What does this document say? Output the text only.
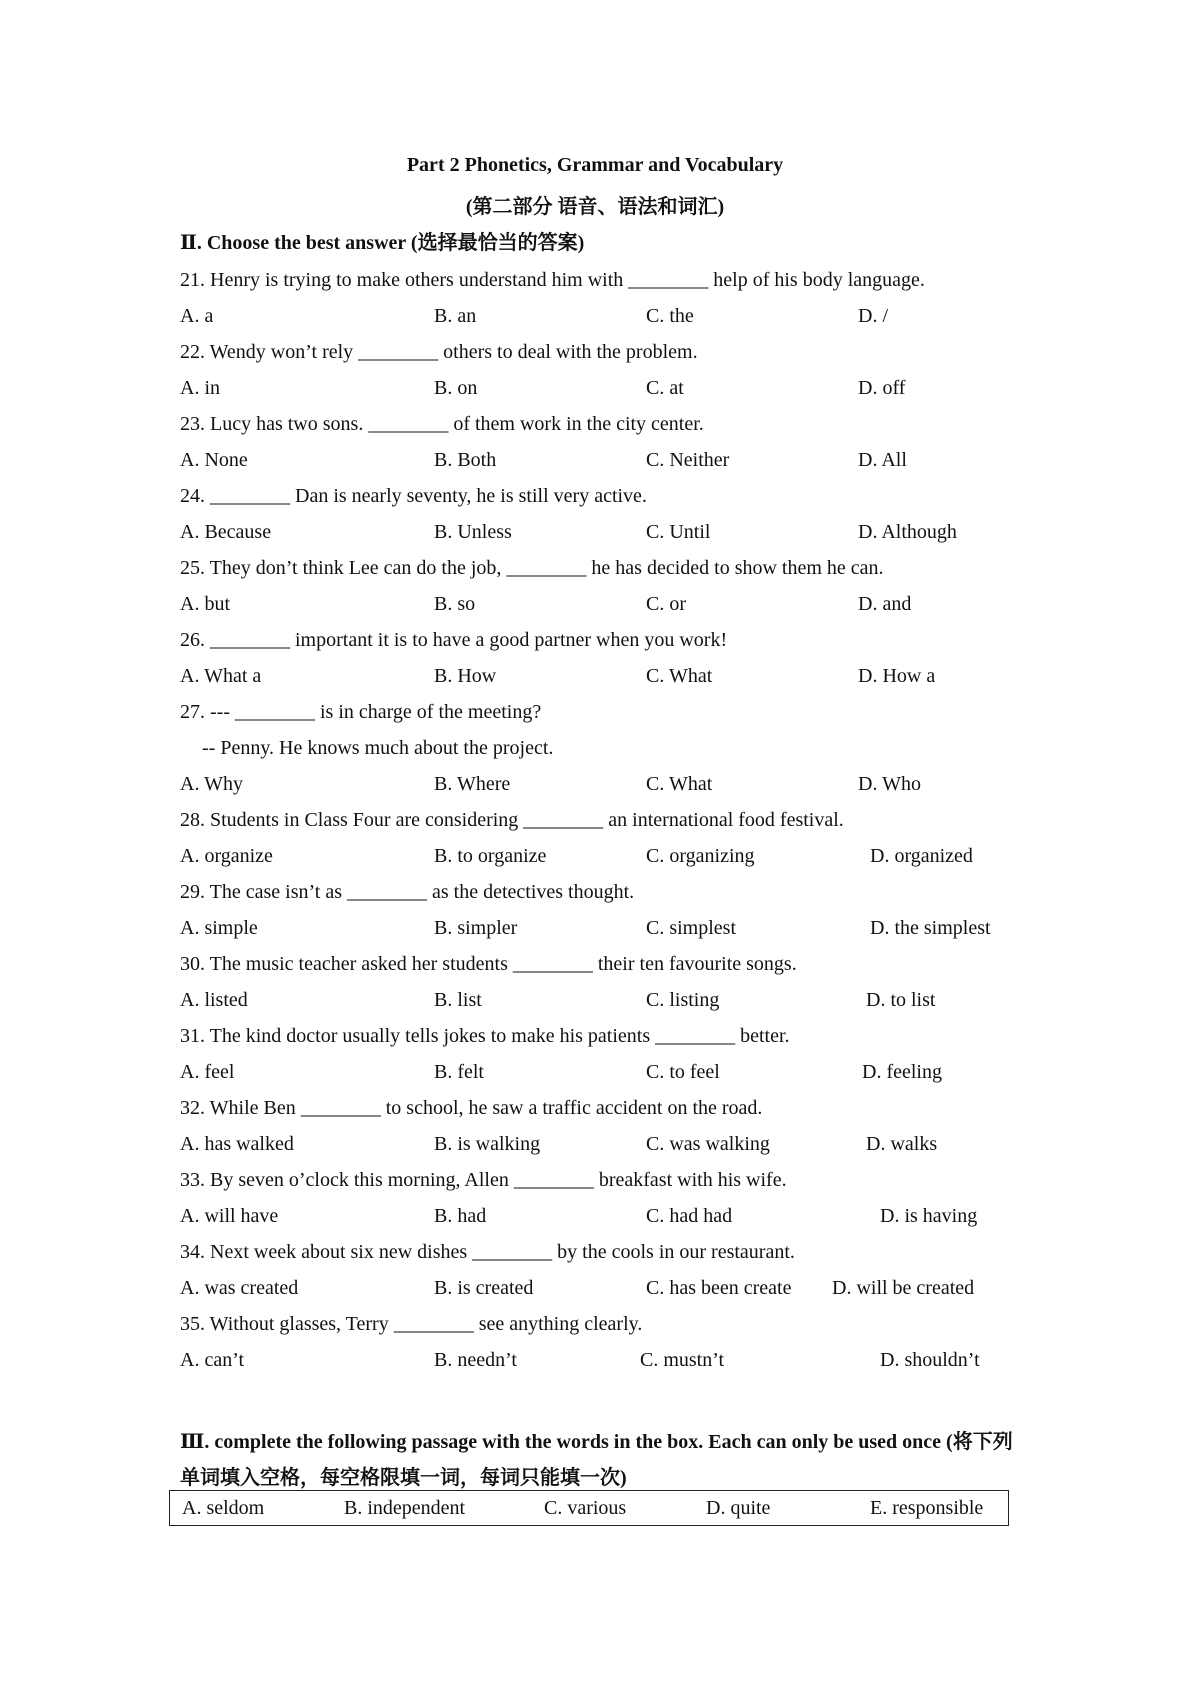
Part 2 Phonetics, Grammar and Vocabulary
(第二部分 语音、语法和词汇)
Ⅱ. Choose the best answer (选择最恰当的答案)
21. Henry is trying to make others understand him with ________ help of his body language.
A. a	B. an	C. the	D. /
22. Wendy won’t rely ________ others to deal with the problem.
A. in	B. on	C. at	D. off
23. Lucy has two sons. ________ of them work in the city center.
A. None	B. Both	C. Neither	D. All
24. ________ Dan is nearly seventy, he is still very active.
A. Because	B. Unless	C. Until	D. Although
25. They don’t think Lee can do the job, ________ he has decided to show them he can.
A. but	B. so	C. or	D. and
26. ________ important it is to have a good partner when you work!
A. What a	B. How	C. What	D. How a
27. --- ________ is in charge of the meeting?
-- Penny. He knows much about the project.
A. Why	B. Where	C. What	D. Who
28. Students in Class Four are considering ________ an international food festival.
A. organize	B. to organize	C. organizing	D. organized
29. The case isn’t as ________ as the detectives thought.
A. simple	B. simpler	C. simplest	D. the simplest
30. The music teacher asked her students ________ their ten favourite songs.
A. listed	B. list	C. listing	D. to list
31. The kind doctor usually tells jokes to make his patients ________ better.
A. feel	B. felt	C. to feel	D. feeling
32. While Ben ________ to school, he saw a traffic accident on the road.
A. has walked	B. is walking	C. was walking	D. walks
33. By seven o’clock this morning, Allen ________ breakfast with his wife.
A. will have	B. had	C. had had	D. is having
34. Next week about six new dishes ________ by the cools in our restaurant.
A. was created	B. is created	C. has been create D. will be created
35. Without glasses, Terry ________ see anything clearly.
A. can’t	B. needn’t	C. mustn’t	D. shouldn’t
Ⅲ. complete the following passage with the words in the box. Each can only be used once (将下列单词填入空格，每空格限填一词，每词只能填一次)
A. seldom	B. independent	C. various	D. quite	E. responsible
